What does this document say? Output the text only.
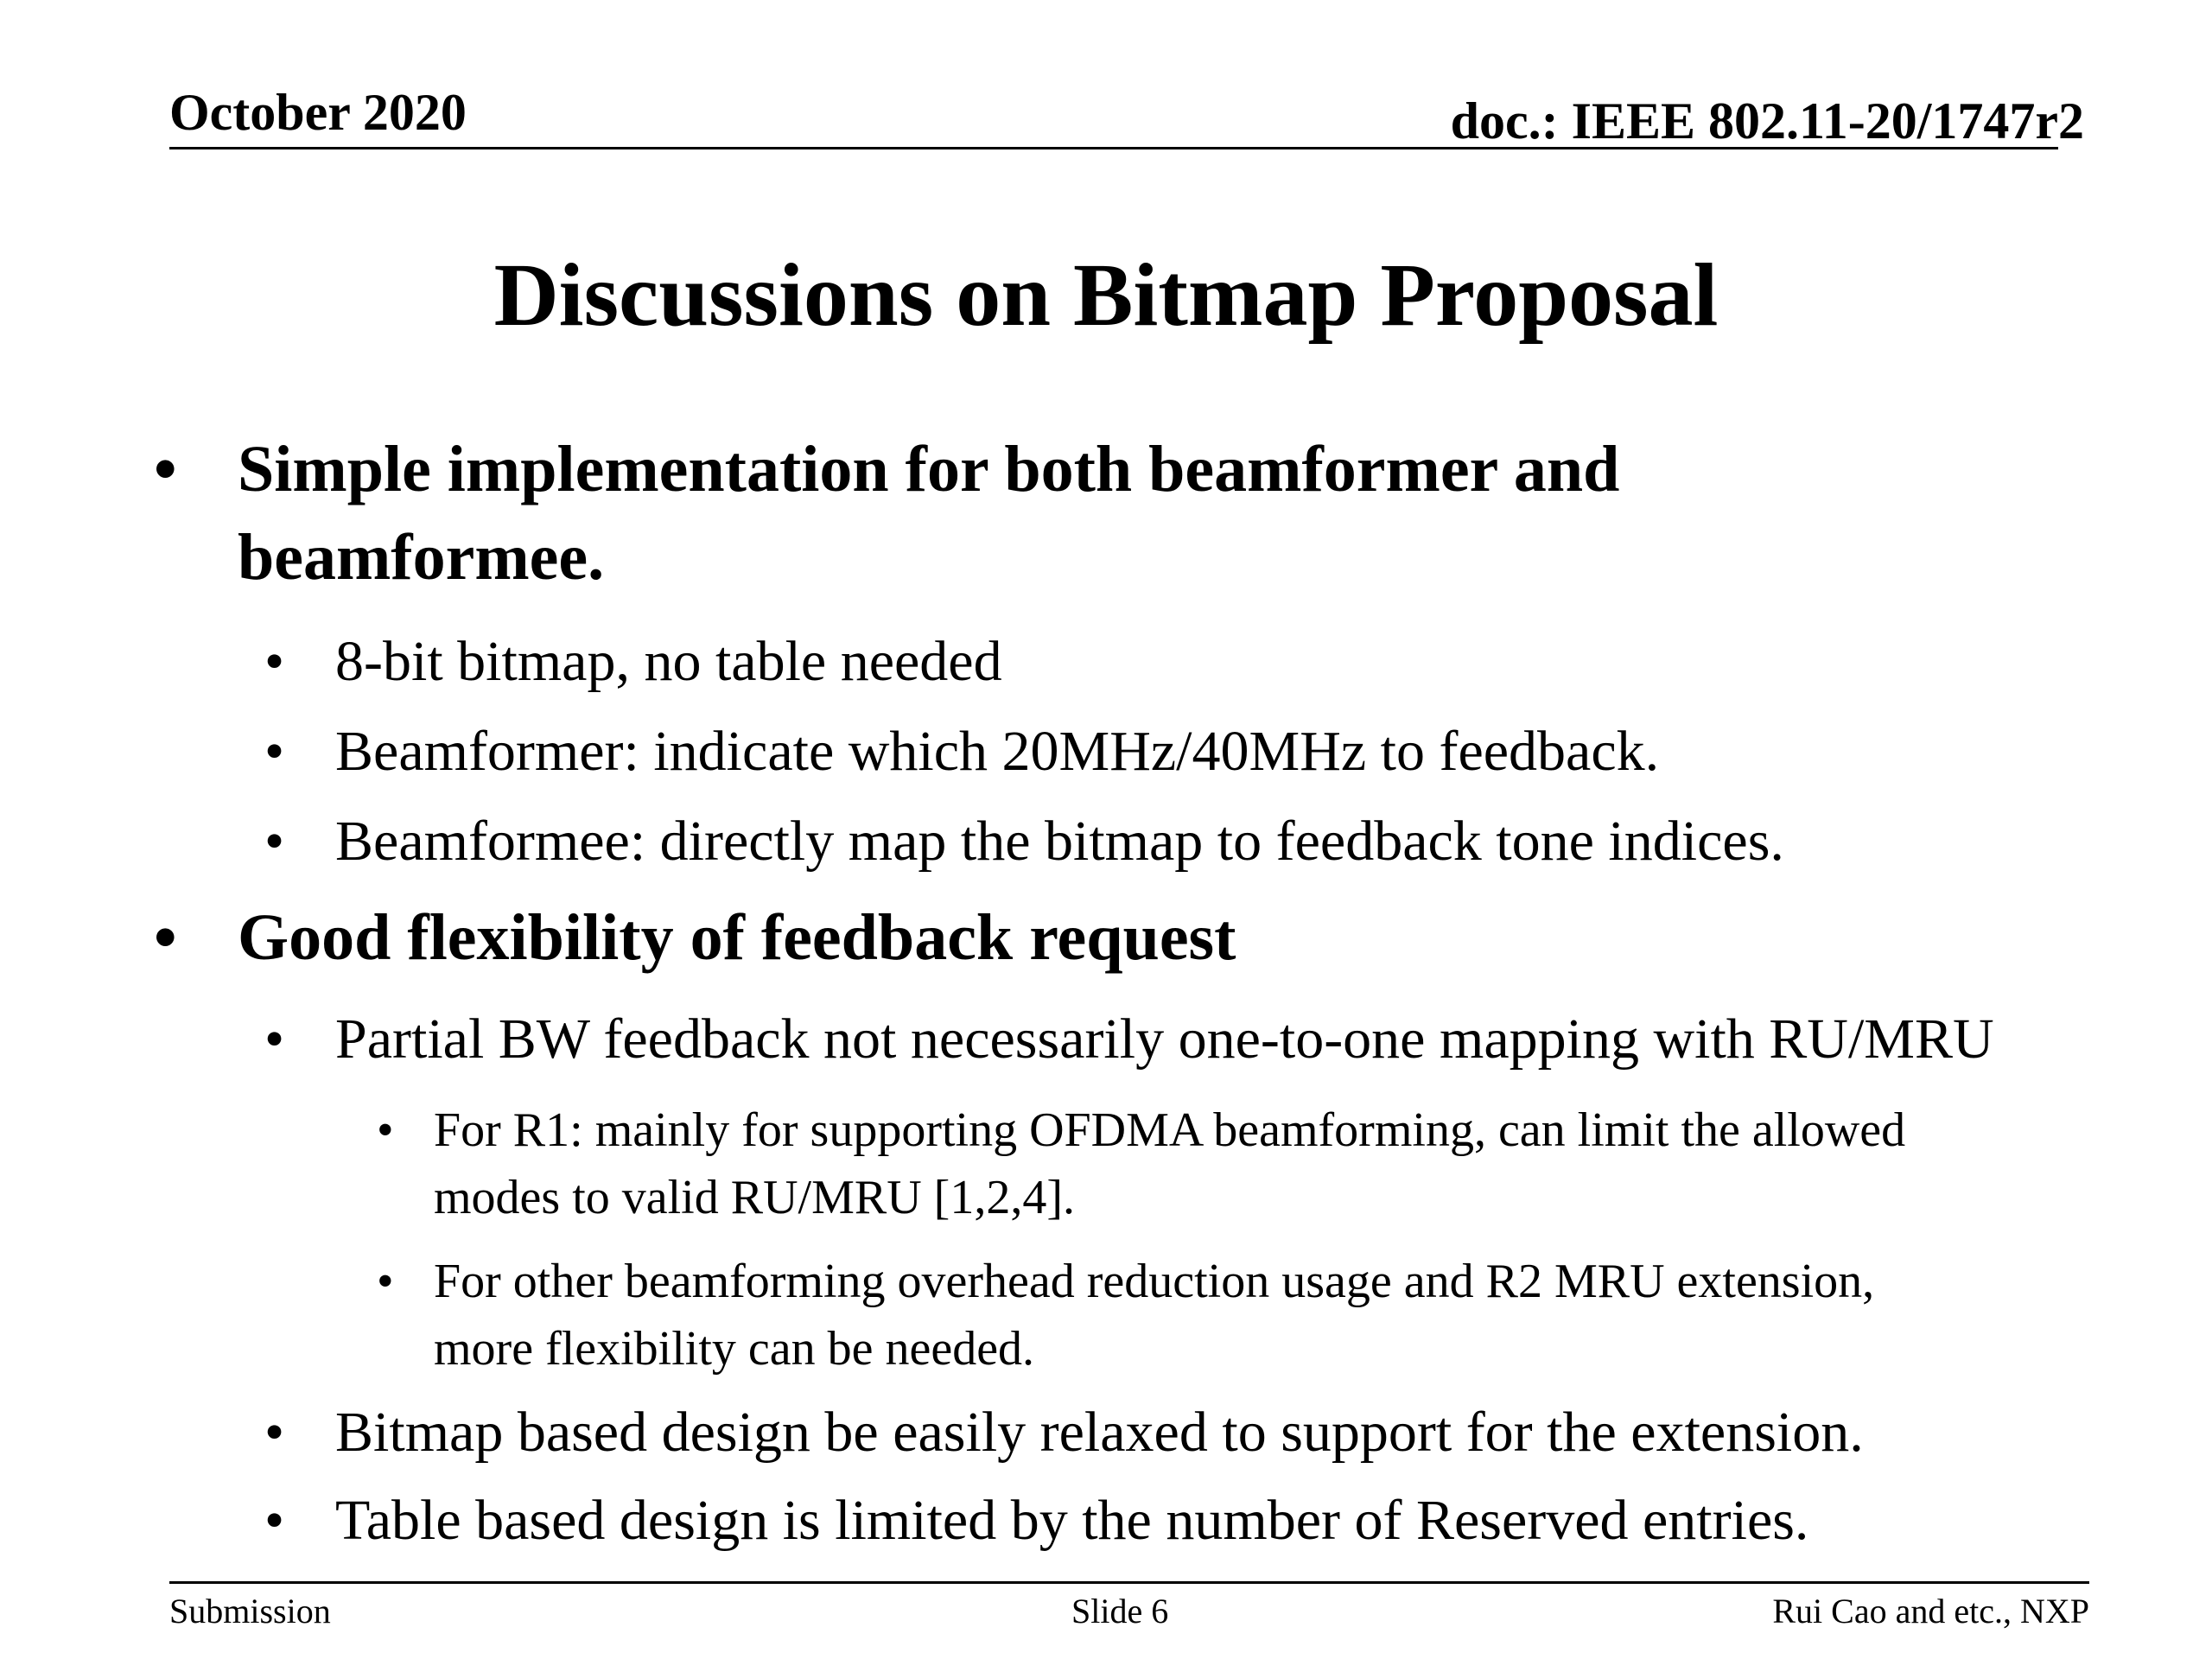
October 2020	doc.: IEEE 802.11-20/1747r2
Discussions on Bitmap Proposal
• Simple implementation for both beamformer and
beamformee.
• 8-bit bitmap, no table needed
• Beamformer: indicate which 20MHz/40MHz to feedback.
• Beamformee: directly map the bitmap to feedback tone indices.
• Good flexibility of feedback request
• Partial BW feedback not necessarily one-to-one mapping with RU/MRU
• For R1: mainly for supporting OFDMA beamforming, can limit the allowed
modes to valid RU/MRU [1,2,4].
• For other beamforming overhead reduction usage and R2 MRU extension,
more flexibility can be needed.
• Bitmap based design be easily relaxed to support for the extension.
• Table based design is limited by the number of Reserved entries.
Submission	Slide 6	Rui Cao and etc., NXP
